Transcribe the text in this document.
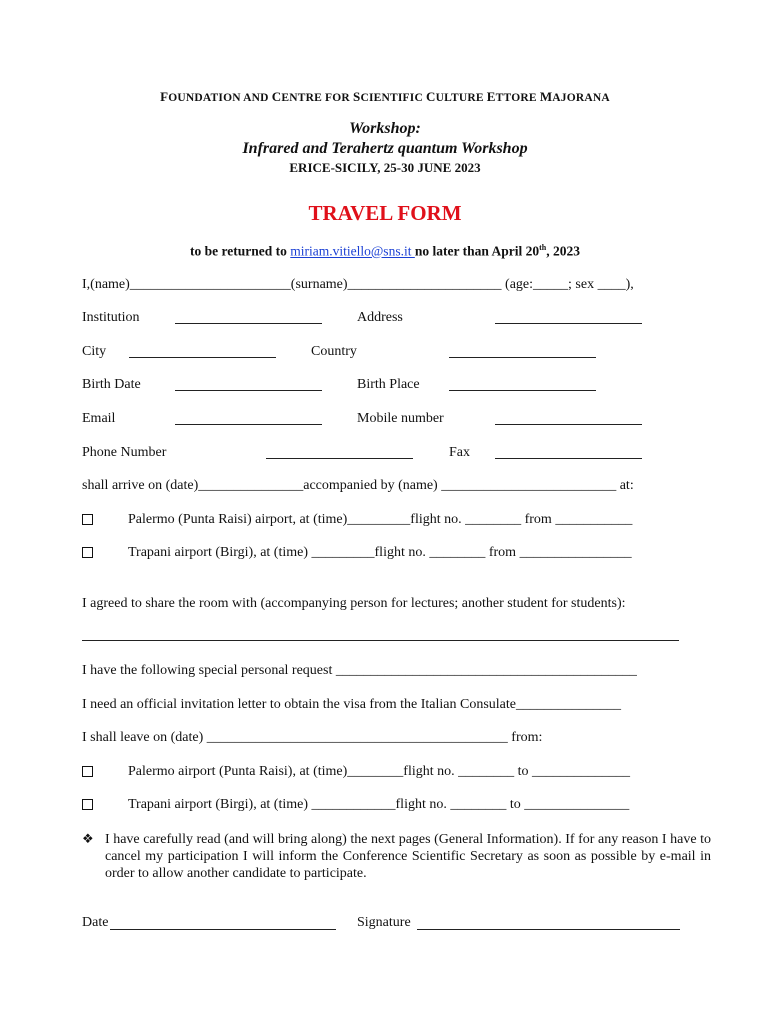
FOUNDATION AND CENTRE FOR SCIENTIFIC CULTURE ETTORE MAJORANA
Workshop:
Infrared and Terahertz quantum Workshop
ERICE-SICILY, 25-30 JUNE 2023
TRAVEL FORM
to be returned to miriam.vitiello@sns.it no later than April 20th, 2023
I,(name)_______________________(surname)______________________ (age:_____; sex ____),
Institution	Address
City	Country
Birth Date	Birth Place
Email	Mobile number
Phone Number	Fax
shall arrive on (date)_______________accompanied by (name) _________________________ at:
Palermo (Punta Raisi) airport, at (time)_________flight no. ________ from ___________
Trapani airport (Birgi), at (time) _________flight no. ________ from ________________
I agreed to share the room with (accompanying person for lectures; another student for students):
I have the following special personal request ___________________________________________
I need an official invitation letter to obtain the visa from the Italian Consulate_______________
I shall leave on (date) ___________________________________________ from:
Palermo airport (Punta Raisi), at (time)________flight no. ________ to ______________
Trapani airport (Birgi), at (time) ____________flight no. ________ to _______________
❖ I have carefully read (and will bring along) the next pages (General Information). If for any reason I have to cancel my participation I will inform the Conference Scientific Secretary as soon as possible by e-mail in order to allow another candidate to participate.
Date	Signature
